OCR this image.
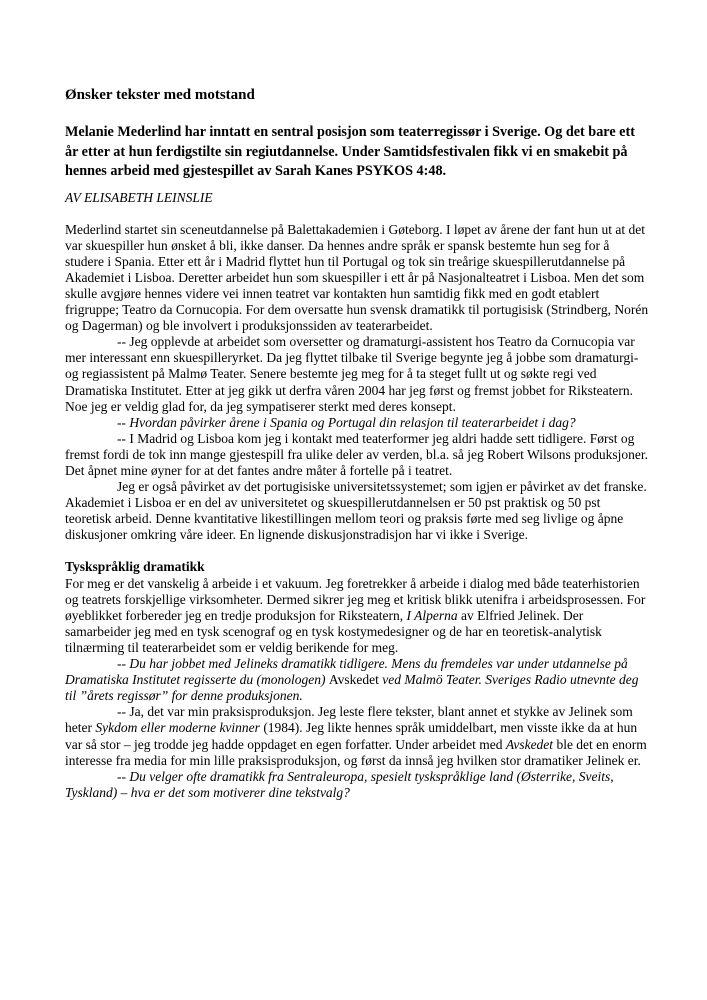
Ønsker tekster med motstand

Melanie Mederlind har inntatt en sentral posisjon som teaterregissør i Sverige. Og det bare ett år etter at hun ferdigstilte sin regiutdannelse. Under Samtidsfestivalen fikk vi en smakebit på hennes arbeid med gjestespillet av Sarah Kanes PSYKOS 4:48.

AV ELISABETH LEINSLIE

Mederlind startet sin sceneutdannelse på Balettakademien i Gøteborg. I løpet av årene der fant hun ut at det var skuespiller hun ønsket å bli, ikke danser. Da hennes andre språk er spansk bestemte hun seg for å studere i Spania. Etter ett år i Madrid flyttet hun til Portugal og tok sin treårige skuespillerutdannelse på Akademiet i Lisboa. Deretter arbeidet hun som skuespiller i ett år på Nasjonalteatret i Lisboa. Men det som skulle avgjøre hennes videre vei innen teatret var kontakten hun samtidig fikk med en godt etablert frigruppe; Teatro da Cornucopia. For dem oversatte hun svensk dramatikk til portugisisk (Strindberg, Norén og Dagerman) og ble involvert i produksjonssiden av teaterarbeidet.

-- Jeg opplevde at arbeidet som oversetter og dramaturgi-assistent hos Teatro da Cornucopia var mer interessant enn skuespilleryrket. Da jeg flyttet tilbake til Sverige begynte jeg å jobbe som dramaturgi- og regiassistent på Malmø Teater. Senere bestemte jeg meg for å ta steget fullt ut og søkte regi ved Dramatiska Institutet. Etter at jeg gikk ut derfra våren 2004 har jeg først og fremst jobbet for Riksteatern. Noe jeg er veldig glad for, da jeg sympatiserer sterkt med deres konsept.

-- Hvordan påvirker årene i Spania og Portugal din relasjon til teaterarbeidet i dag?

-- I Madrid og Lisboa kom jeg i kontakt med teaterformer jeg aldri hadde sett tidligere. Først og fremst fordi de tok inn mange gjestespill fra ulike deler av verden, bl.a. så jeg Robert Wilsons produksjoner. Det åpnet mine øyner for at det fantes andre måter å fortelle på i teatret.

Jeg er også påvirket av det portugisiske universitetssystemet; som igjen er påvirket av det franske. Akademiet i Lisboa er en del av universitetet og skuespillerutdannelsen er 50 pst praktisk og 50 pst teoretisk arbeid. Denne kvantitative likestillingen mellom teori og praksis førte med seg livlige og åpne diskusjoner omkring våre ideer. En lignende diskusjonstradisjon har vi ikke i Sverige.

Tyskspråklig dramatikk

For meg er det vanskelig å arbeide i et vakuum. Jeg foretrekker å arbeide i dialog med både teaterhistorien og teatrets forskjellige virksomheter. Dermed sikrer jeg meg et kritisk blikk utenifra i arbeidsprosessen. For øyeblikket forbereder jeg en tredje produksjon for Riksteatern, I Alperna av Elfried Jelinek. Der samarbeider jeg med en tysk scenograf og en tysk kostymedesigner og de har en teoretisk-analytisk tilnærming til teaterarbeidet som er veldig berikende for meg.

-- Du har jobbet med Jelineks dramatikk tidligere. Mens du fremdeles var under utdannelse på Dramatiska Institutet regisserte du (monologen) Avskedet ved Malmö Teater. Sveriges Radio utnevnte deg til ”årets regissør” for denne produksjonen.

-- Ja, det var min praksisproduksjon. Jeg leste flere tekster, blant annet et stykke av Jelinek som heter Sykdom eller moderne kvinner (1984). Jeg likte hennes språk umiddelbart, men visste ikke da at hun var så stor – jeg trodde jeg hadde oppdaget en egen forfatter. Under arbeidet med Avskedet ble det en enorm interesse fra media for min lille praksisproduksjon, og først da innså jeg hvilken stor dramatiker Jelinek er.

-- Du velger ofte dramatikk fra Sentraleuropa, spesielt tyskspråklige land (Østerrike, Sveits, Tyskland) – hva er det som motiverer dine tekstvalg?
